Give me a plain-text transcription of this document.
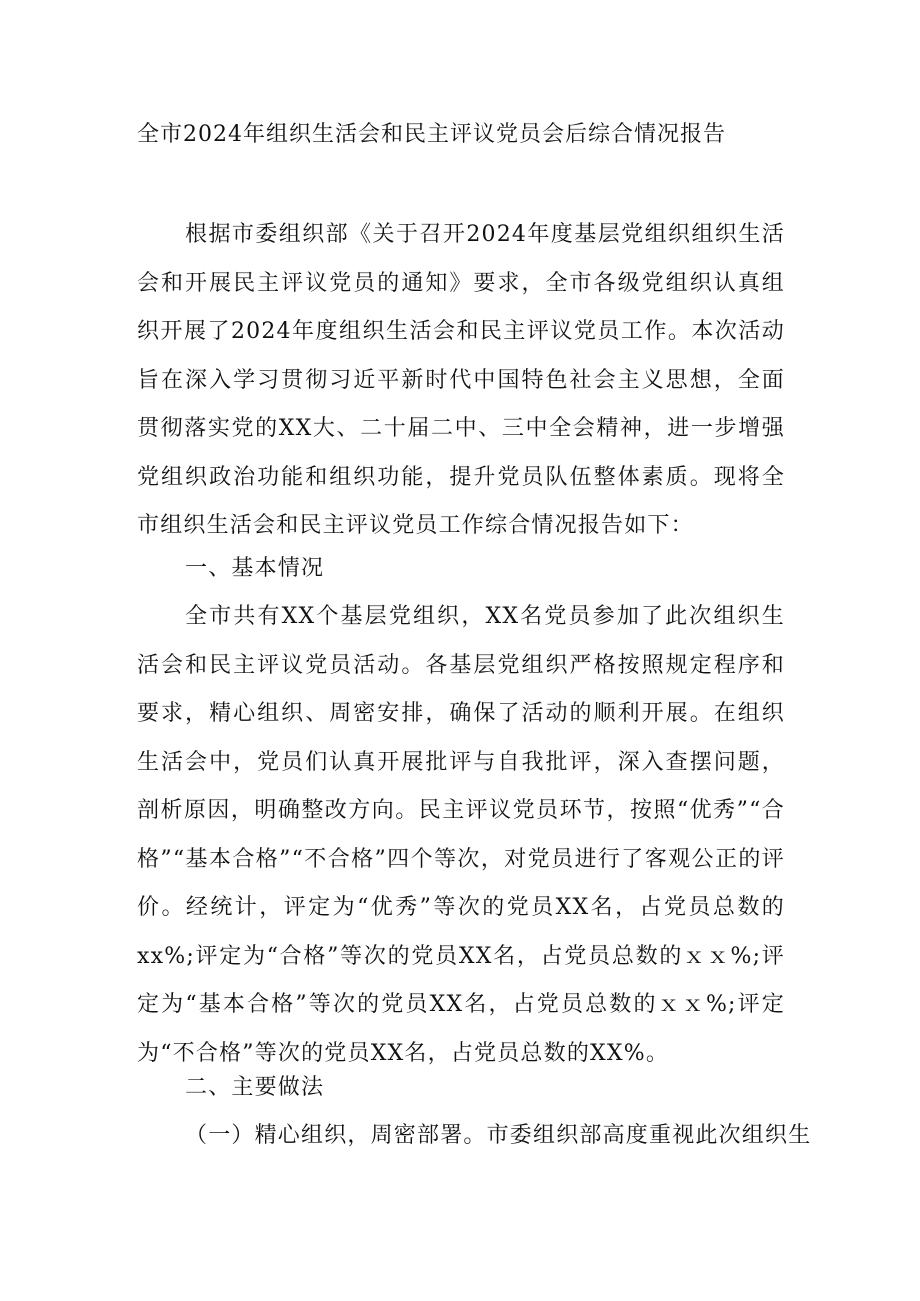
全市2024年组织生活会和民主评议党员会后综合情况报告

根据市委组织部《关于召开2024年度基层党组织组织生活会和开展民主评议党员的通知》要求，全市各级党组织认真组织开展了2024年度组织生活会和民主评议党员工作。本次活动旨在深入学习贯彻习近平新时代中国特色社会主义思想，全面贯彻落实党的XX大、二十届二中、三中全会精神，进一步增强党组织政治功能和组织功能，提升党员队伍整体素质。现将全市组织生活会和民主评议党员工作综合情况报告如下：

一、基本情况

全市共有XX个基层党组织，XX名党员参加了此次组织生活会和民主评议党员活动。各基层党组织严格按照规定程序和要求，精心组织、周密安排，确保了活动的顺利开展。在组织生活会中，党员们认真开展批评与自我批评，深入查摆问题，剖析原因，明确整改方向。民主评议党员环节，按照“优秀”“合格”“基本合格”“不合格”四个等次，对党员进行了客观公正的评价。经统计，评定为“优秀”等次的党员XX名，占党员总数的xx%;评定为“合格”等次的党员XX名，占党员总数的ｘｘ%;评定为“基本合格”等次的党员XX名，占党员总数的ｘｘ%;评定为“不合格”等次的党员XX名，占党员总数的XX%。

二、主要做法
（一）精心组织，周密部署。市委组织部高度重视此次组织生
